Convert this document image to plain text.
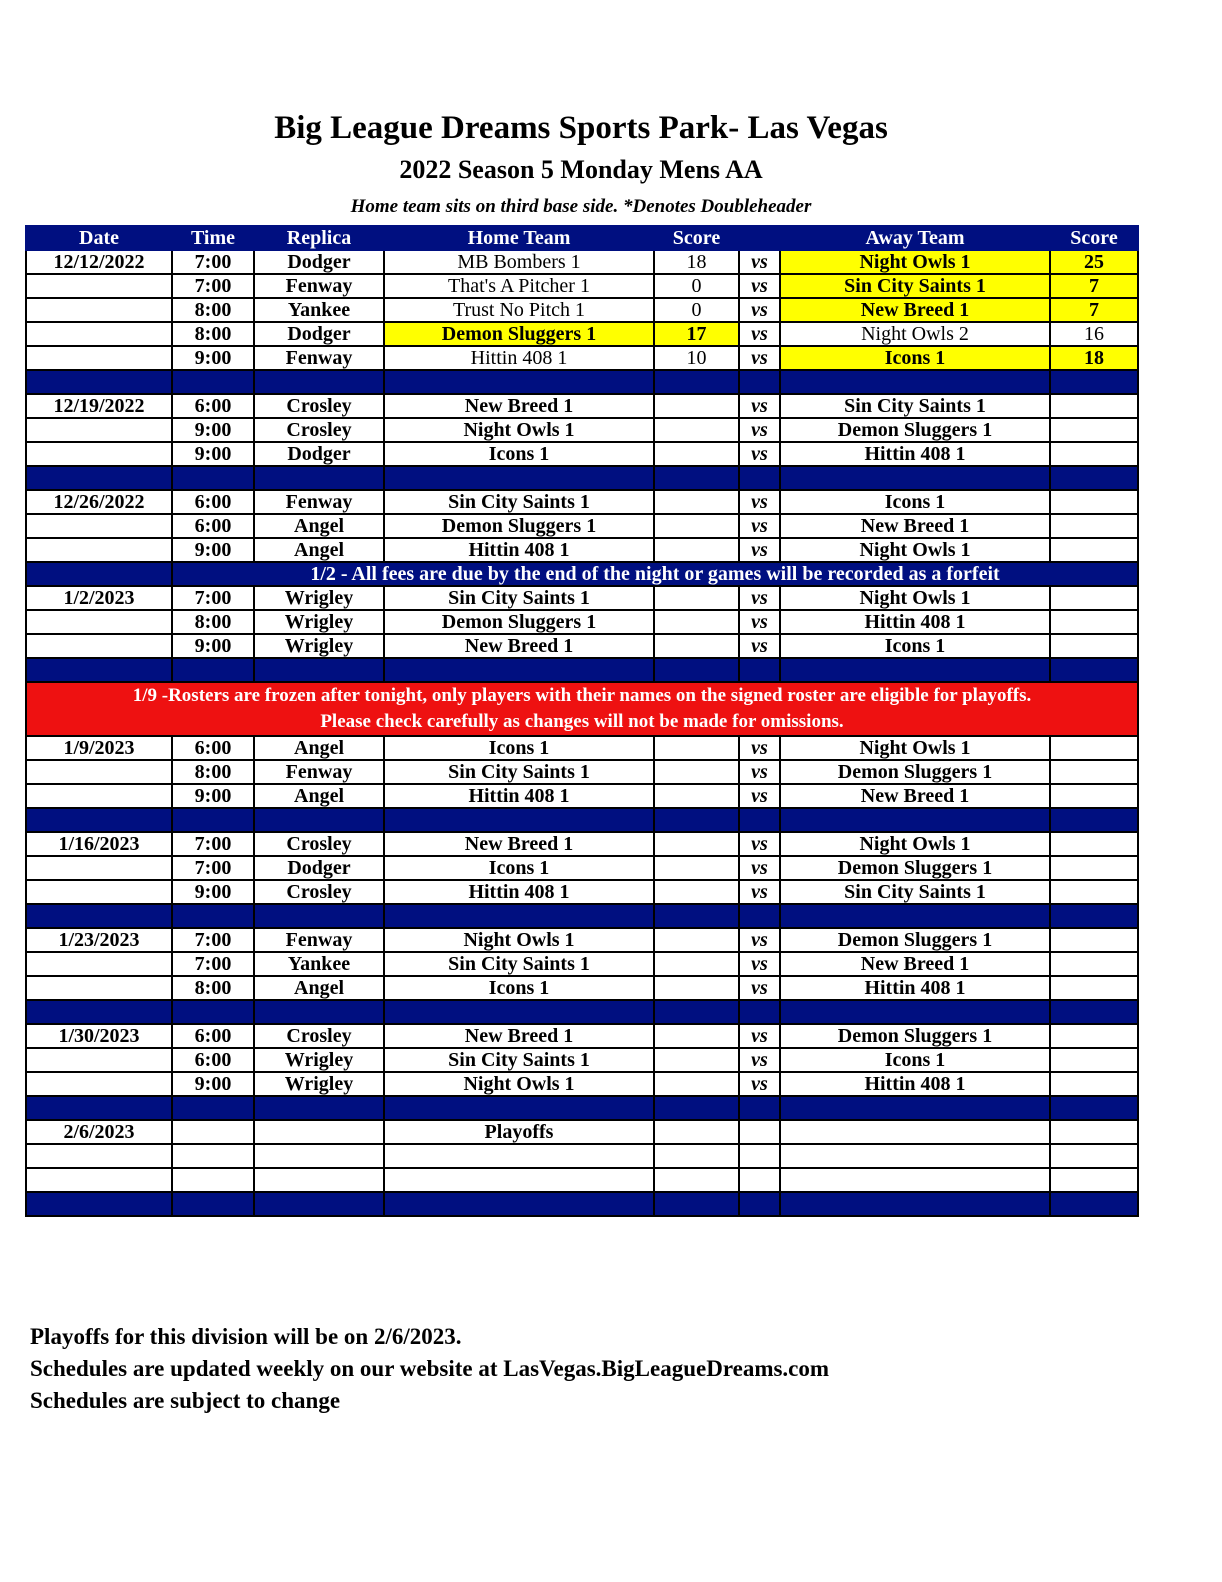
Big League Dreams Sports Park- Las Vegas
2022 Season 5 Monday Mens AA
Home team sits on third base side. *Denotes Doubleheader
Date	Time	Replica	Home Team	Score		Away Team	Score
12/12/2022	7:00	Dodger	MB Bombers 1	18	vs	Night Owls 1	25
	7:00	Fenway	That's A Pitcher 1	0	vs	Sin City Saints 1	7
	8:00	Yankee	Trust No Pitch 1	0	vs	New Breed 1	7
	8:00	Dodger	Demon Sluggers 1	17	vs	Night Owls 2	16
	9:00	Fenway	Hittin 408 1	10	vs	Icons 1	18

12/19/2022	6:00	Crosley	New Breed 1		vs	Sin City Saints 1	
	9:00	Crosley	Night Owls 1		vs	Demon Sluggers 1	
	9:00	Dodger	Icons 1		vs	Hittin 408 1	

12/26/2022	6:00	Fenway	Sin City Saints 1		vs	Icons 1	
	6:00	Angel	Demon Sluggers 1		vs	New Breed 1	
	9:00	Angel	Hittin 408 1		vs	Night Owls 1	
	1/2 - All fees are due by the end of the night or games will be recorded as a forfeit						
1/2/2023	7:00	Wrigley	Sin City Saints 1		vs	Night Owls 1	
	8:00	Wrigley	Demon Sluggers 1		vs	Hittin 408 1	
	9:00	Wrigley	New Breed 1		vs	Icons 1	

1/9 -Rosters are frozen after tonight, only players with their names on the signed roster are eligible for playoffs.
Please check carefully as changes will not be made for omissions.							

1/9/2023	6:00	Angel	Icons 1		vs	Night Owls 1	
	8:00	Fenway	Sin City Saints 1		vs	Demon Sluggers 1	
	9:00	Angel	Hittin 408 1		vs	New Breed 1	

1/16/2023	7:00	Crosley	New Breed 1		vs	Night Owls 1	
	7:00	Dodger	Icons 1		vs	Demon Sluggers 1	
	9:00	Crosley	Hittin 408 1		vs	Sin City Saints 1	

1/23/2023	7:00	Fenway	Night Owls 1		vs	Demon Sluggers 1	
	7:00	Yankee	Sin City Saints 1		vs	New Breed 1	
	8:00	Angel	Icons 1		vs	Hittin 408 1	

1/30/2023	6:00	Crosley	New Breed 1		vs	Demon Sluggers 1	
	6:00	Wrigley	Sin City Saints 1		vs	Icons 1	
	9:00	Wrigley	Night Owls 1		vs	Hittin 408 1	

2/6/2023			Playoffs				

Playoffs for this division will be on 2/6/2023.
Schedules are updated weekly on our website at LasVegas.BigLeagueDreams.com
Schedules are subject to change
